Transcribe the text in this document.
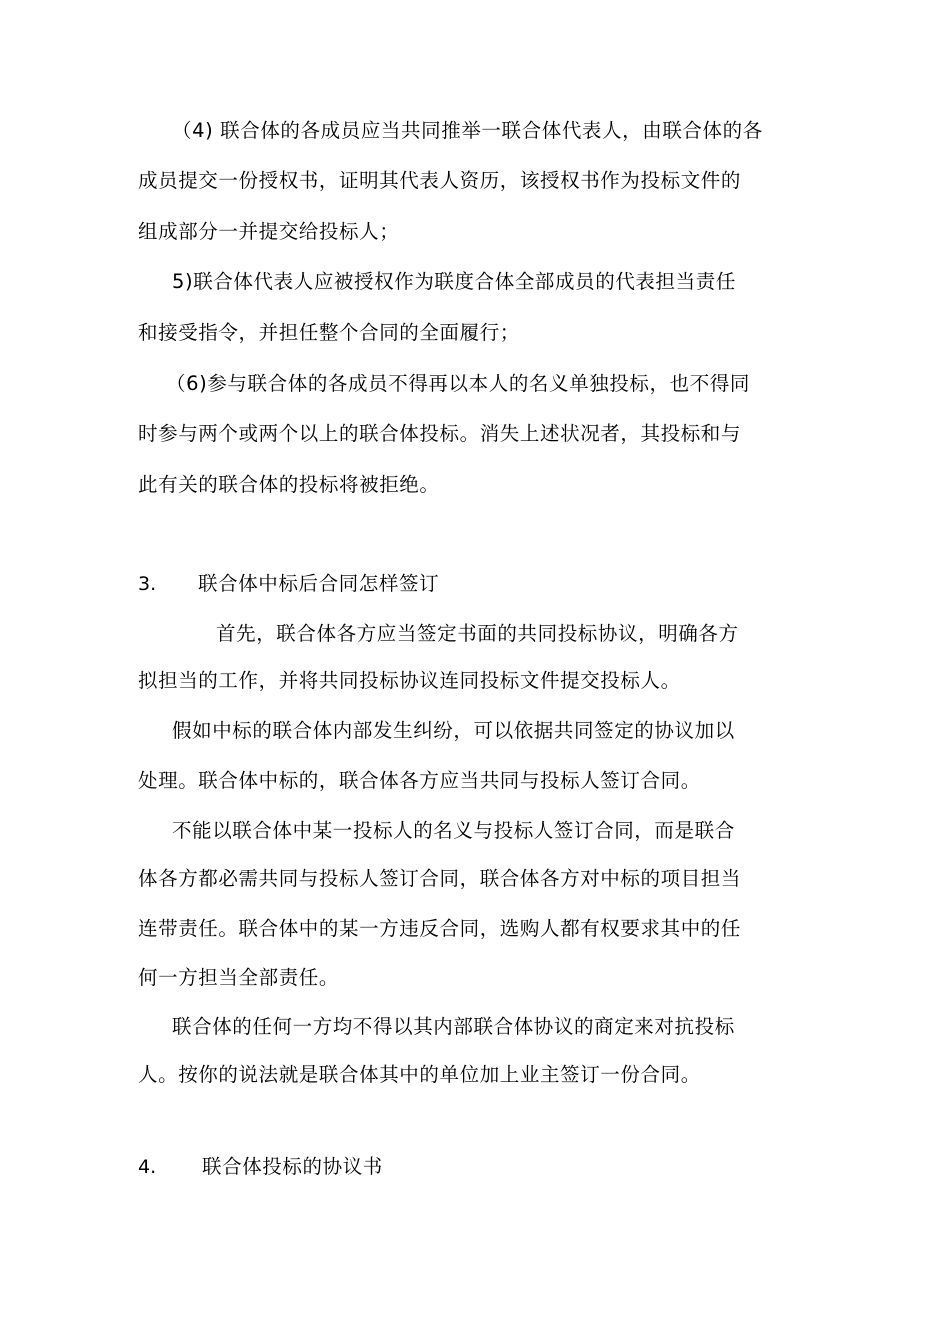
（4) 联合体的各成员应当共同推举一联合体代表人，由联合体的各
成员提交一份授权书，证明其代表人资历，该授权书作为投标文件的
组成部分一并提交给投标人；
5)联合体代表人应被授权作为联度合体全部成员的代表担当责任
和接受指令，并担任整个合同的全面履行；
（6)参与联合体的各成员不得再以本人的名义单独投标，也不得同
时参与两个或两个以上的联合体投标。消失上述状况者，其投标和与
此有关的联合体的投标将被拒绝。
3. 联合体中标后合同怎样签订
首先，联合体各方应当签定书面的共同投标协议，明确各方
拟担当的工作，并将共同投标协议连同投标文件提交投标人。
假如中标的联合体内部发生纠纷，可以依据共同签定的协议加以
处理。联合体中标的，联合体各方应当共同与投标人签订合同。
不能以联合体中某一投标人的名义与投标人签订合同，而是联合
体各方都必需共同与投标人签订合同，联合体各方对中标的项目担当
连带责任。联合体中的某一方违反合同，选购人都有权要求其中的任
何一方担当全部责任。
联合体的任何一方均不得以其内部联合体协议的商定来对抗投标
人。按你的说法就是联合体其中的单位加上业主签订一份合同。
4. 联合体投标的协议书
